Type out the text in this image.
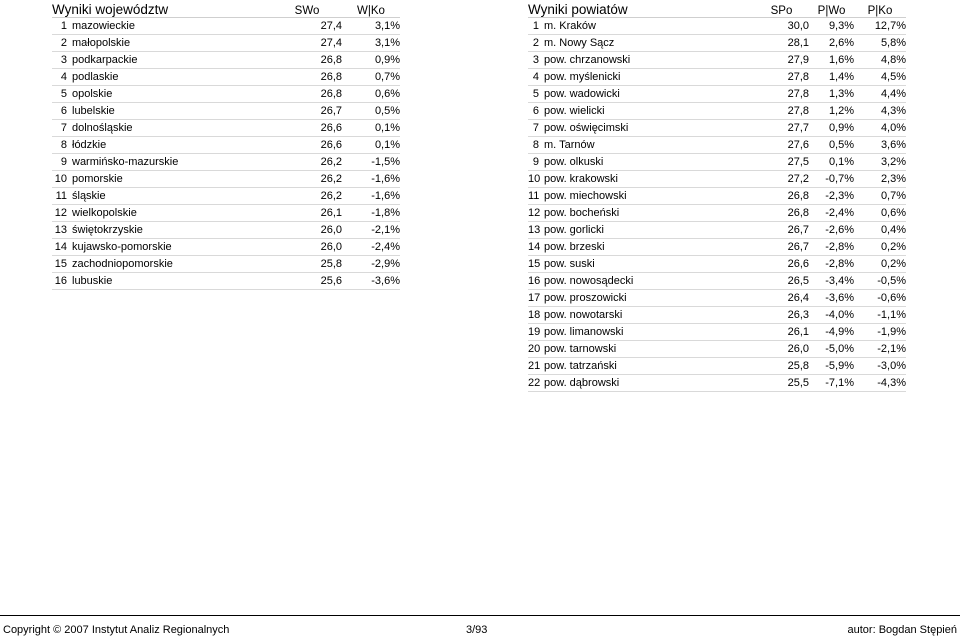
Wyniki województw		SWo	W|Ko
1	mazowieckie	27,4	3,1%
2	małopolskie	27,4	3,1%
3	podkarpackie	26,8	0,9%
4	podlaskie	26,8	0,7%
5	opolskie	26,8	0,6%
6	lubelskie	26,7	0,5%
7	dolnośląskie	26,6	0,1%
8	łódzkie	26,6	0,1%
9	warmińsko-mazurskie	26,2	-1,5%
10	pomorskie	26,2	-1,6%
11	śląskie	26,2	-1,6%
12	wielkopolskie	26,1	-1,8%
13	świętokrzyskie	26,0	-2,1%
14	kujawsko-pomorskie	26,0	-2,4%
15	zachodniopomorskie	25,8	-2,9%
16	lubuskie	25,6	-3,6%
Wyniki powiatów		SPo	P|Wo	P|Ko
1	m. Kraków	30,0	9,3%	12,7%
2	m. Nowy Sącz	28,1	2,6%	5,8%
3	pow. chrzanowski	27,9	1,6%	4,8%
4	pow. myślenicki	27,8	1,4%	4,5%
5	pow. wadowicki	27,8	1,3%	4,4%
6	pow. wielicki	27,8	1,2%	4,3%
7	pow. oświęcimski	27,7	0,9%	4,0%
8	m. Tarnów	27,6	0,5%	3,6%
9	pow. olkuski	27,5	0,1%	3,2%
10	pow. krakowski	27,2	-0,7%	2,3%
11	pow. miechowski	26,8	-2,3%	0,7%
12	pow. bocheński	26,8	-2,4%	0,6%
13	pow. gorlicki	26,7	-2,6%	0,4%
14	pow. brzeski	26,7	-2,8%	0,2%
15	pow. suski	26,6	-2,8%	0,2%
16	pow. nowosądecki	26,5	-3,4%	-0,5%
17	pow. proszowicki	26,4	-3,6%	-0,6%
18	pow. nowotarski	26,3	-4,0%	-1,1%
19	pow. limanowski	26,1	-4,9%	-1,9%
20	pow. tarnowski	26,0	-5,0%	-2,1%
21	pow. tatrzański	25,8	-5,9%	-3,0%
22	pow. dąbrowski	25,5	-7,1%	-4,3%
Copyright © 2007 Instytut Analiz Regionalnych	3/93	autor: Bogdan Stępień
